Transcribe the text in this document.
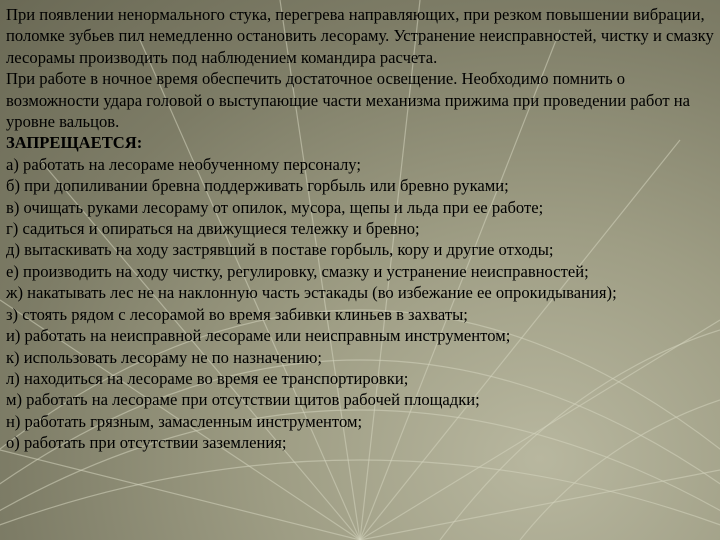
При появлении ненормального стука, перегрева направляющих, при резком повышении вибрации, поломке зубьев пил немедленно остановить лесораму. Устранение неисправностей, чистку и смазку лесорамы производить под наблюдением командира расчета.

При работе в ночное время обеспечить достаточное освещение. Необходимо помнить о возможности удара головой о выступающие части механизма прижима при проведении работ на уровне вальцов.

ЗАПРЕЩАЕТСЯ:

а) работать на лесораме необученному персоналу;

б) при допиливании бревна поддерживать горбыль или бревно руками;

в) очищать руками лесораму от опилок, мусора, щепы и льда при ее работе;

г) садиться и опираться на движущиеся тележку и бревно;

д) вытаскивать на ходу застрявший в поставе горбыль, кору и другие отходы;

е) производить на ходу чистку, регулировку, смазку и устранение неисправностей;

ж) накатывать лес не на наклонную часть эстакады (во избежание ее опрокидывания);

з) стоять рядом с лесорамой во время забивки клиньев в захваты;

и) работать на неисправной лесораме или неисправным инструментом;

к) использовать лесораму не по назначению;

л) находиться на лесораме во время ее транспортировки;

м) работать на лесораме при отсутствии щитов рабочей площадки;

н) работать грязным, замасленным инструментом;

о) работать при отсутствии заземления;
